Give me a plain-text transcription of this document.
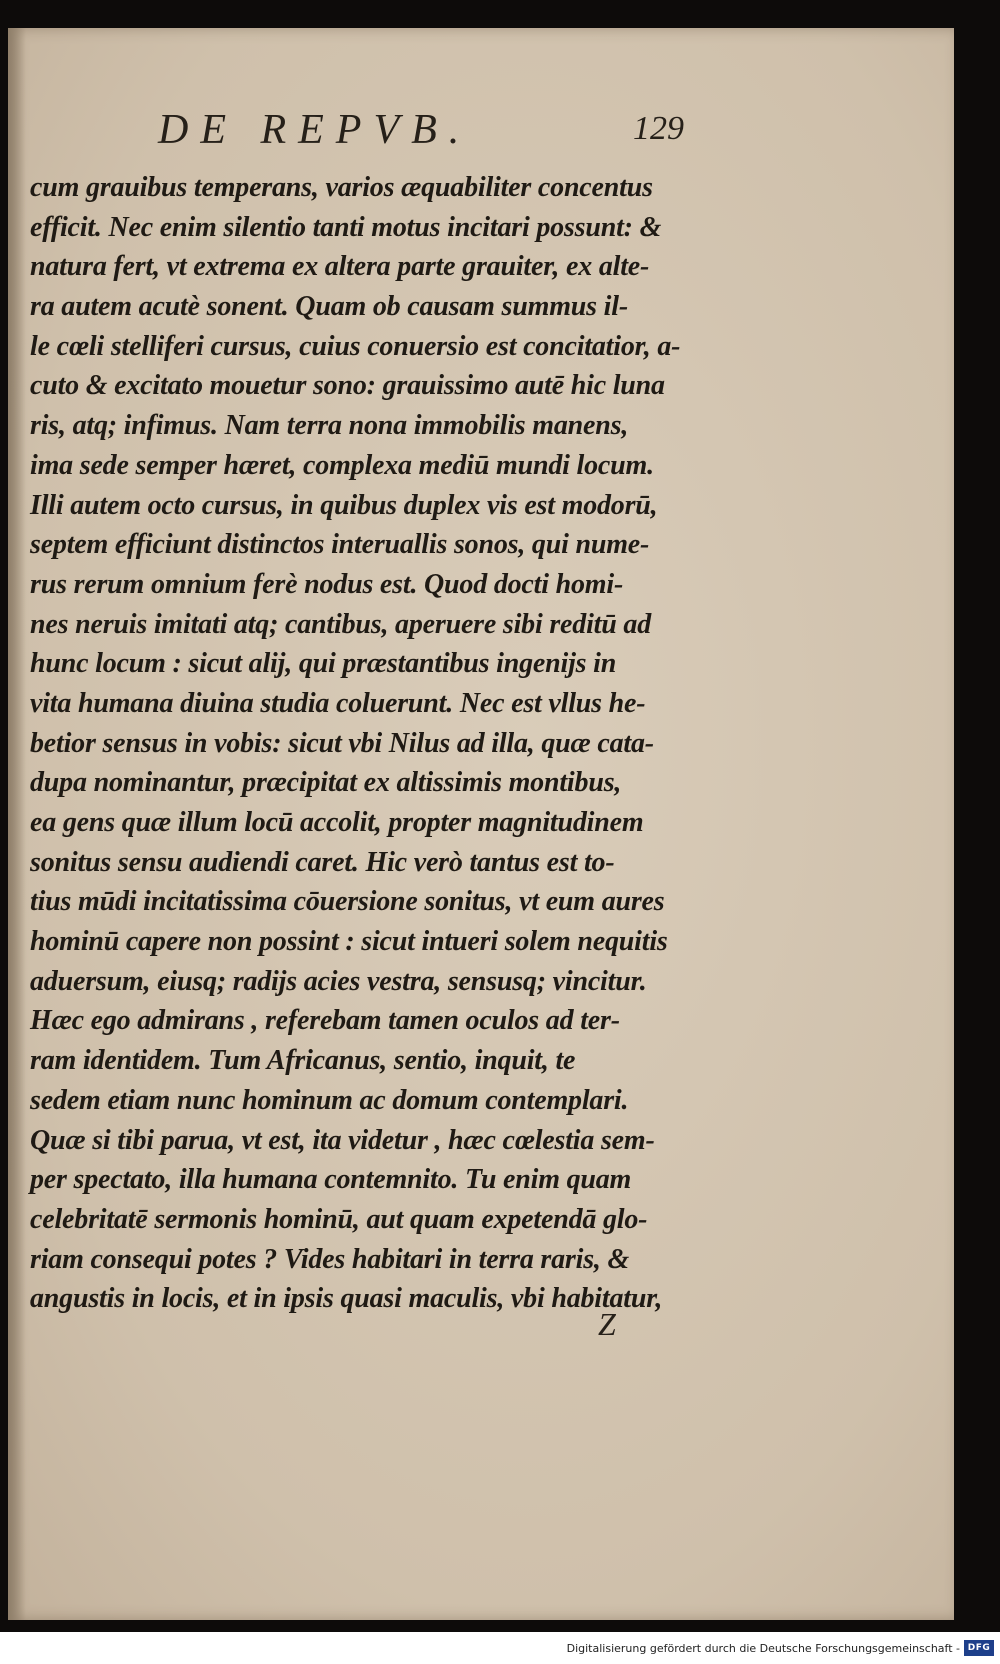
DE REPVB.	129
cum grauibus temperans, varios æquabiliter concentus
efficit. Nec enim silentio tanti motus incitari possunt: &
natura fert, vt extrema ex altera parte grauiter, ex alte-
ra autem acutè sonent. Quam ob causam summus il-
le cœli stelliferi cursus, cuius conuersio est concitatior, a-
cuto & excitato mouetur sono: grauissimo autē hic luna
ris, atq; infimus. Nam terra nona immobilis manens,
ima sede semper hæret, complexa mediū mundi locum.
Illi autem octo cursus, in quibus duplex vis est modorū,
septem efficiunt distinctos interuallis sonos, qui nume-
rus rerum omnium ferè nodus est. Quod docti homi-
nes neruis imitati atq; cantibus, aperuere sibi reditū ad
hunc locum : sicut alij, qui præstantibus ingenijs in
vita humana diuina studia coluerunt. Nec est vllus he-
betior sensus in vobis: sicut vbi Nilus ad illa, quæ cata-
dupa nominantur, præcipitat ex altissimis montibus,
ea gens quæ illum locū accolit, propter magnitudinem
sonitus sensu audiendi caret. Hic verò tantus est to-
tius mūdi incitatissima cōuersione sonitus, vt eum aures
hominū capere non possint : sicut intueri solem nequitis
aduersum, eiusq; radijs acies vestra, sensusq; vincitur.
Hæc ego admirans , referebam tamen oculos ad ter-
ram identidem. Tum Africanus, sentio, inquit, te
sedem etiam nunc hominum ac domum contemplari.
Quæ si tibi parua, vt est, ita videtur , hæc cœlestia sem-
per spectato, illa humana contemnito. Tu enim quam
celebritatē sermonis hominū, aut quam expetendā glo-
riam consequi potes ? Vides habitari in terra raris, &
angustis in locis, et in ipsis quasi maculis, vbi habitatur,
Z
Digitalisierung gefördert durch die Deutsche Forschungsgemeinschaft - DFG
